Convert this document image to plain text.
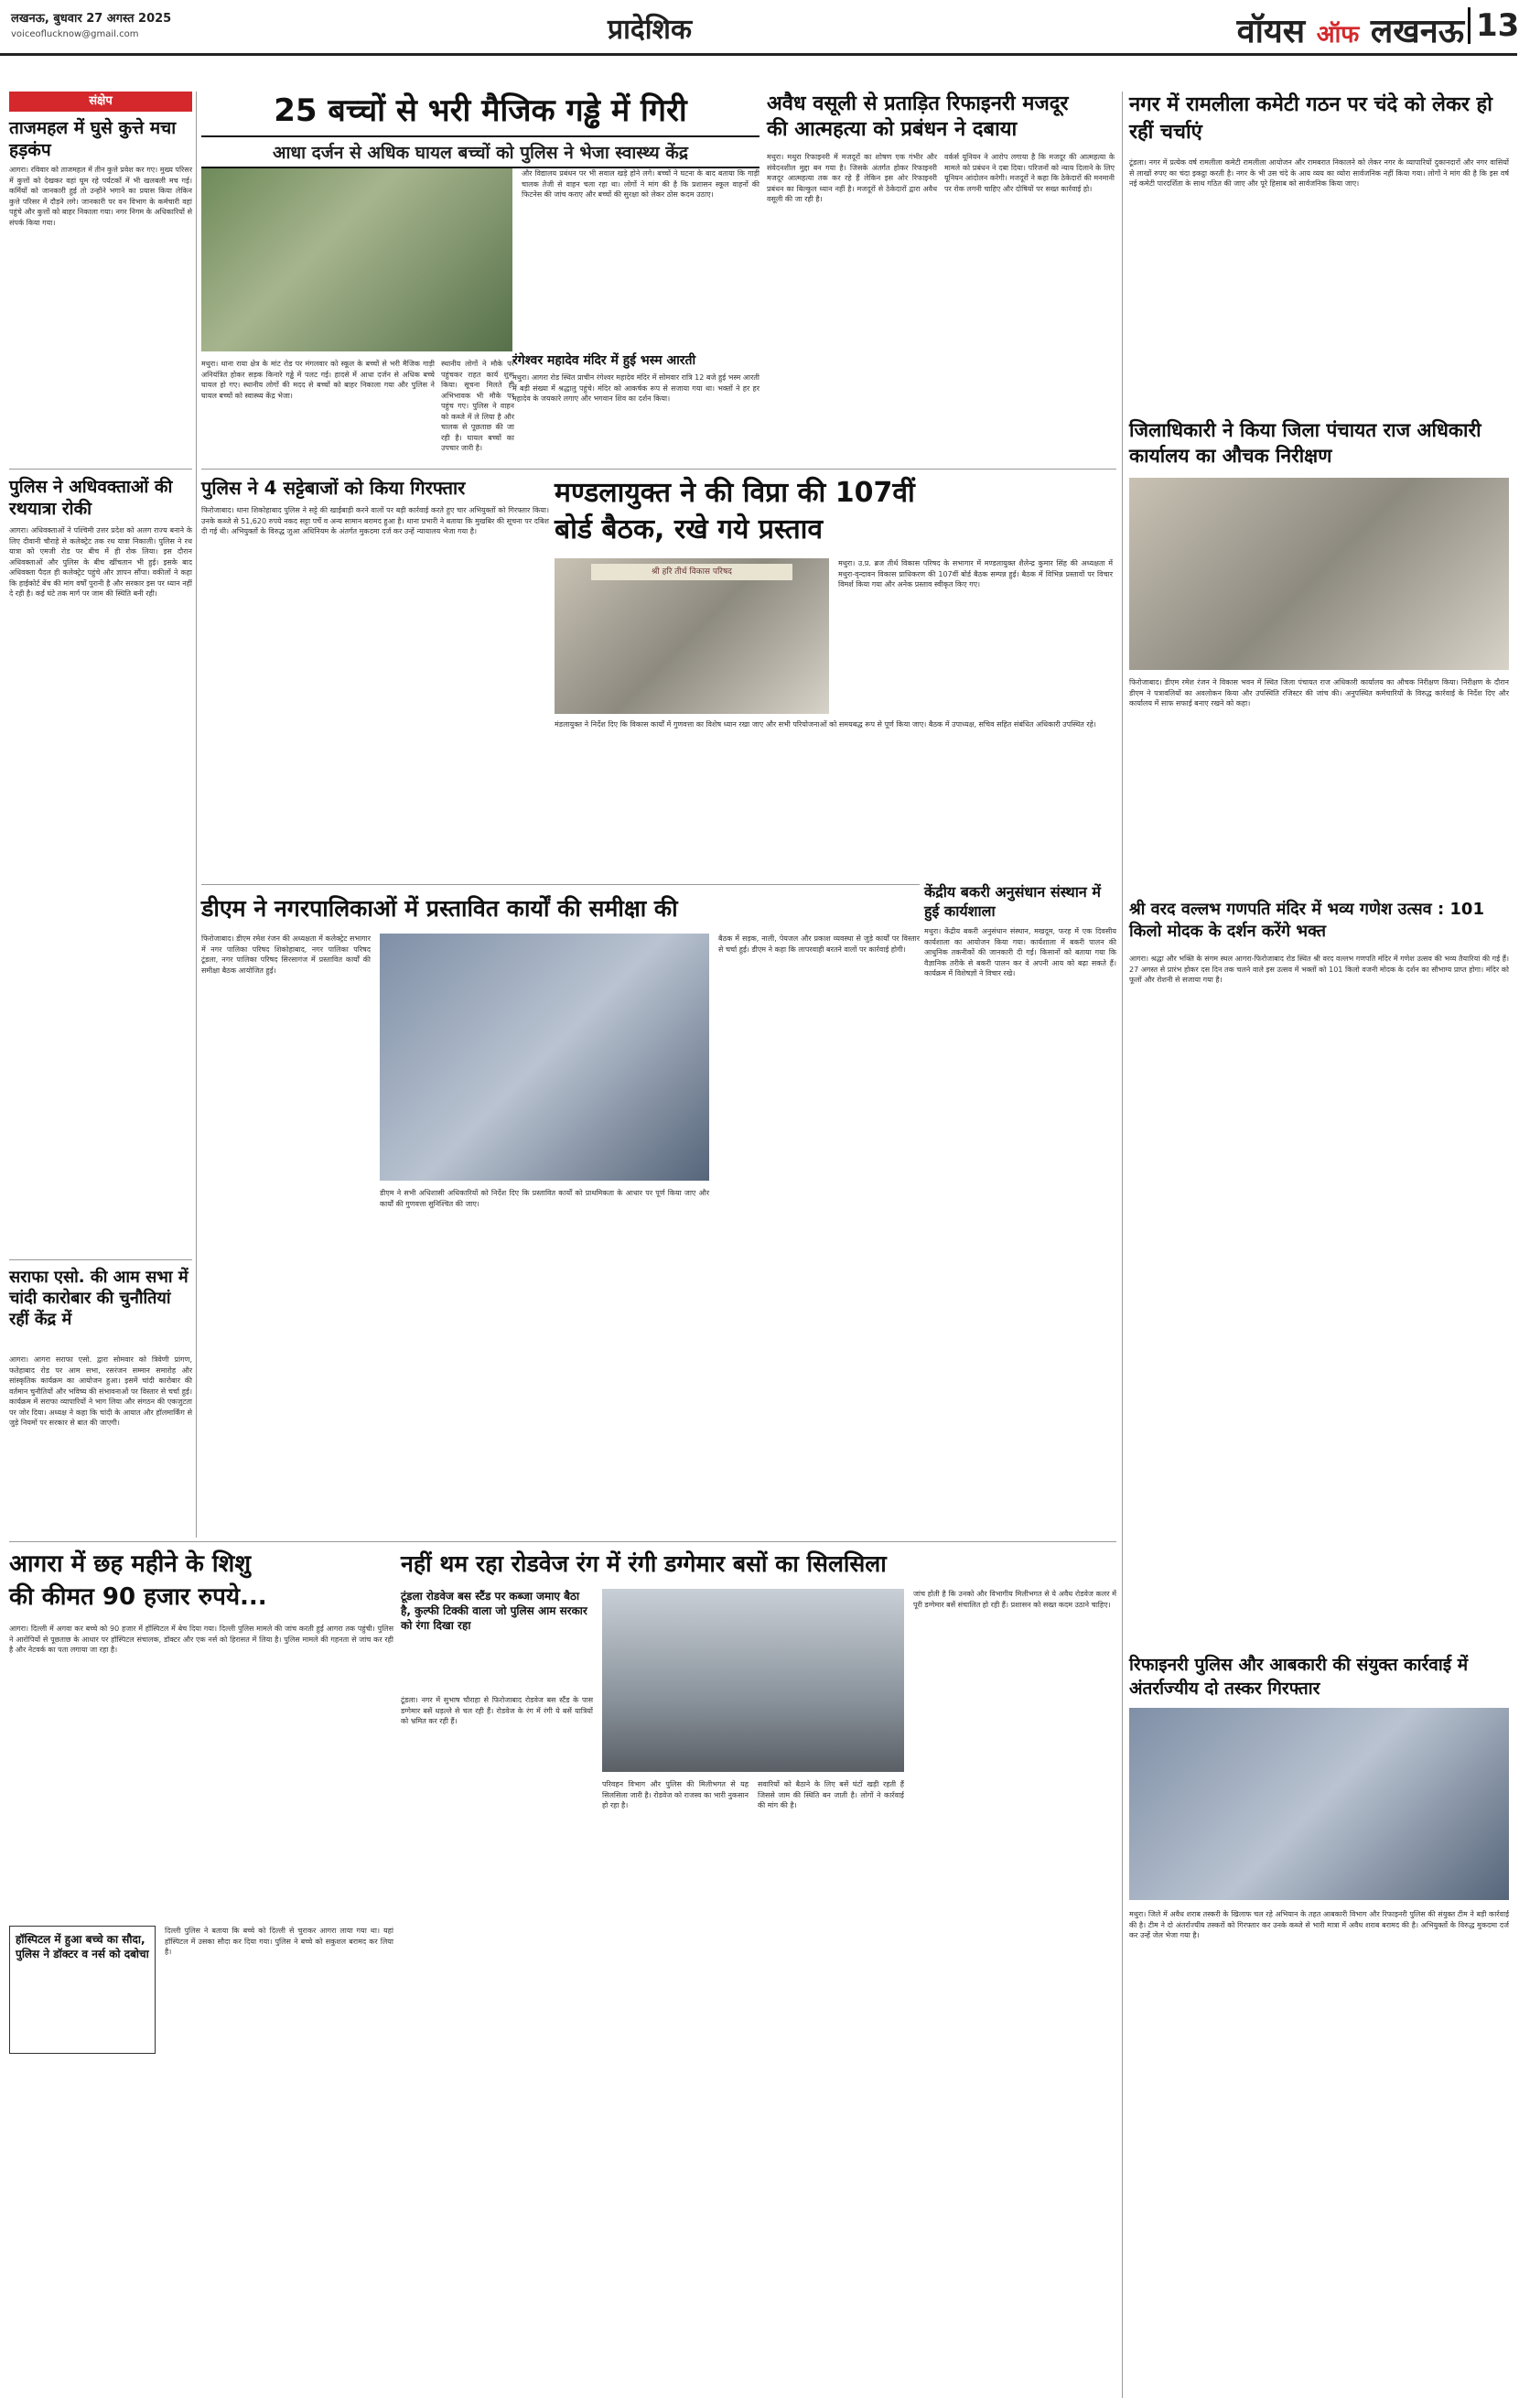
लखनऊ, बुधवार 27 अगस्त 2025
voiceoflucknow@gmail.com	प्रादेशिक	वॉयस ऑफ लखनऊ 13
संक्षेप
ताजमहल में घुसे कुत्ते मचा हड़कंप
आगरा। रविवार को ताजमहल में तीन कुत्ते प्रवेश कर गए। मुख्य परिसर में कुत्तों को देखकर वहां घूम रहे पर्यटकों में भी खलबली मच गई। कर्मियों को जानकारी हुई तो उन्होंने भगाने का प्रयास किया लेकिन कुत्ते परिसर में दौड़ने लगे। जानकारी पर वन विभाग के कर्मचारी वहां पहुंचे और कुत्तों को बाहर निकाला गया। नगर निगम के अधिकारियों से संपर्क किया गया।
पुलिस ने अधिवक्ताओं की रथयात्रा रोकी
आगरा। अधिवक्ताओं ने पश्चिमी उत्तर प्रदेश को अलग राज्य बनाने के लिए दीवानी चौराहे से कलेक्ट्रेट तक रथ यात्रा निकाली। पुलिस ने रथ यात्रा को एमजी रोड पर बीच में ही रोक लिया। इस दौरान अधिवक्ताओं और पुलिस के बीच खींचतान भी हुई। इसके बाद अधिवक्ता पैदल ही कलेक्ट्रेट पहुंचे और ज्ञापन सौंपा। वकीलों ने कहा कि हाईकोर्ट बेंच की मांग वर्षों पुरानी है और सरकार इस पर ध्यान नहीं दे रही है। कई घंटे तक मार्ग पर जाम की स्थिति बनी रही।
सराफा एसो. की आम सभा में चांदी कारोबार की चुनौतियां रहीं केंद्र में
आगरा। आगरा सराफा एसो. द्वारा सोमवार को त्रिवेणी प्रांगण, फतेहाबाद रोड पर आम सभा, रसरंजन सम्मान समारोह और सांस्कृतिक कार्यक्रम का आयोजन हुआ। इसमें चांदी कारोबार की वर्तमान चुनौतियों और भविष्य की संभावनाओं पर विस्तार से चर्चा हुई। कार्यक्रम में सराफा व्यापारियों ने भाग लिया और संगठन की एकजुटता पर जोर दिया। अध्यक्ष ने कहा कि चांदी के आयात और हॉलमार्किंग से जुड़े नियमों पर सरकार से बात की जाएगी।
25 बच्चों से भरी मैजिक गड्ढे में गिरी
आधा दर्जन से अधिक घायल बच्चों को पुलिस ने भेजा स्वास्थ्य केंद्र
और विद्यालय प्रबंधन पर भी सवाल खड़े होने लगे। बच्चों ने घटना के बाद बताया कि गाड़ी चालक तेजी से वाहन चला रहा था। लोगों ने मांग की है कि प्रशासन स्कूल वाहनों की फिटनेस की जांच कराए और बच्चों की सुरक्षा को लेकर ठोस कदम उठाए।
मथुरा। थाना राया क्षेत्र के मांट रोड पर मंगलवार को स्कूल के बच्चों से भरी मैजिक गाड़ी अनियंत्रित होकर सड़क किनारे गड्ढे में पलट गई। हादसे में आधा दर्जन से अधिक बच्चे घायल हो गए। स्थानीय लोगों की मदद से बच्चों को बाहर निकाला गया और पुलिस ने घायल बच्चों को स्वास्थ्य केंद्र भेजा।
स्थानीय लोगों ने मौके पर पहुंचकर राहत कार्य शुरू किया। सूचना मिलते ही अभिभावक भी मौके पर पहुंच गए। पुलिस ने वाहन को कब्जे में ले लिया है और चालक से पूछताछ की जा रही है। घायल बच्चों का उपचार जारी है।
रंगेश्वर महादेव मंदिर में हुई भस्म आरती
मथुरा। आगरा रोड स्थित प्राचीन रंगेश्वर महादेव मंदिर में सोमवार रात्रि 12 बजे हुई भस्म आरती में बड़ी संख्या में श्रद्धालु पहुंचे। मंदिर को आकर्षक रूप से सजाया गया था। भक्तों ने हर हर महादेव के जयकारे लगाए और भगवान शिव का दर्शन किया।
अवैध वसूली से प्रताड़ित रिफाइनरी मजदूर
की आत्महत्या को प्रबंधन ने दबाया
मथुरा। मथुरा रिफाइनरी में मजदूरों का शोषण एक गंभीर और संवेदनशील मुद्दा बन गया है। जिसके अंतर्गत होकर रिफाइनरी मजदूर आत्महत्या तक कर रहे हैं लेकिन इस ओर रिफाइनरी प्रबंधन का बिल्कुल ध्यान नहीं है। मजदूरों से ठेकेदारों द्वारा अवैध वसूली की जा रही है।
वर्कर्स यूनियन ने आरोप लगाया है कि मजदूर की आत्महत्या के मामले को प्रबंधन ने दबा दिया। परिजनों को न्याय दिलाने के लिए यूनियन आंदोलन करेगी। मजदूरों ने कहा कि ठेकेदारों की मनमानी पर रोक लगनी चाहिए और दोषियों पर सख्त कार्रवाई हो।
नगर में रामलीला कमेटी गठन पर चंदे को लेकर हो रहीं चर्चाएं
टूंडला। नगर में प्रत्येक वर्ष रामलीला कमेटी रामलीला आयोजन और रामबरात निकालने को लेकर नगर के व्यापारियों दुकानदारों और नगर वासियों से लाखों रुपए का चंदा इकट्ठा करती है। नगर के भी उस चंदे के आय व्यय का व्योरा सार्वजनिक नहीं किया गया। लोगों ने मांग की है कि इस वर्ष नई कमेटी पारदर्शिता के साथ गठित की जाए और पूरे हिसाब को सार्वजनिक किया जाए।
जिलाधिकारी ने किया जिला पंचायत राज अधिकारी कार्यालय का औचक निरीक्षण
फिरोजाबाद। डीएम रमेश रंजन ने विकास भवन में स्थित जिला पंचायत राज अधिकारी कार्यालय का औचक निरीक्षण किया। निरीक्षण के दौरान डीएम ने पत्रावलियों का अवलोकन किया और उपस्थिति रजिस्टर की जांच की। अनुपस्थित कर्मचारियों के विरुद्ध कार्रवाई के निर्देश दिए और कार्यालय में साफ सफाई बनाए रखने को कहा।
श्री वरद वल्लभ गणपति मंदिर में भव्य गणेश उत्सव : 101 किलो मोदक के दर्शन करेंगे भक्त
आगरा। श्रद्धा और भक्ति के संगम स्थल आगरा-फिरोजाबाद रोड स्थित श्री वरद वल्लभ गणपति मंदिर में गणेश उत्सव की भव्य तैयारियां की गई हैं। 27 अगस्त से प्रारंभ होकर दस दिन तक चलने वाले इस उत्सव में भक्तों को 101 किलो वजनी मोदक के दर्शन का सौभाग्य प्राप्त होगा। मंदिर को फूलों और रोशनी से सजाया गया है।
रिफाइनरी पुलिस और आबकारी की संयुक्त कार्रवाई में अंतर्राज्यीय दो तस्कर गिरफ्तार
मथुरा। जिले में अवैध शराब तस्करी के खिलाफ चल रहे अभियान के तहत आबकारी विभाग और रिफाइनरी पुलिस की संयुक्त टीम ने बड़ी कार्रवाई की है। टीम ने दो अंतर्राज्यीय तस्करों को गिरफ्तार कर उनके कब्जे से भारी मात्रा में अवैध शराब बरामद की है। अभियुक्तों के विरुद्ध मुकदमा दर्ज कर उन्हें जेल भेजा गया है।
पुलिस ने 4 सट्टेबाजों को किया गिरफ्तार
फिरोजाबाद। थाना शिकोहाबाद पुलिस ने सट्टे की खाईबाड़ी करने वालों पर बड़ी कार्रवाई करते हुए चार अभियुक्तों को गिरफ्तार किया। उनके कब्जे से 51,620 रुपये नकद सट्टा पर्चे व अन्य सामान बरामद हुआ है। थाना प्रभारी ने बताया कि मुखबिर की सूचना पर दबिश दी गई थी। अभियुक्तों के विरुद्ध जुआ अधिनियम के अंतर्गत मुकदमा दर्ज कर उन्हें न्यायालय भेजा गया है।
मण्डलायुक्त ने की विप्रा की 107वीं
बोर्ड बैठक, रखे गये प्रस्ताव
श्री हरि तीर्थ विकास परिषद
मथुरा। उ.प्र. ब्रज तीर्थ विकास परिषद के सभागार में मण्डलायुक्त शैलेन्द्र कुमार सिंह की अध्यक्षता में मथुरा-वृन्दावन विकास प्राधिकरण की 107वीं बोर्ड बैठक सम्पन्न हुई। बैठक में विभिन्न प्रस्तावों पर विचार विमर्श किया गया और अनेक प्रस्ताव स्वीकृत किए गए।
मंडलायुक्त ने निर्देश दिए कि विकास कार्यों में गुणवत्ता का विशेष ध्यान रखा जाए और सभी परियोजनाओं को समयबद्ध रूप से पूर्ण किया जाए। बैठक में उपाध्यक्ष, सचिव सहित संबंधित अधिकारी उपस्थित रहे।
केंद्रीय बकरी अनुसंधान संस्थान में हुई कार्यशाला
मथुरा। केंद्रीय बकरी अनुसंधान संस्थान, मखदूम, फरह में एक दिवसीय कार्यशाला का आयोजन किया गया। कार्यशाला में बकरी पालन की आधुनिक तकनीकों की जानकारी दी गई। किसानों को बताया गया कि वैज्ञानिक तरीके से बकरी पालन कर वे अपनी आय को बढ़ा सकते हैं। कार्यक्रम में विशेषज्ञों ने विचार रखे।
डीएम ने नगरपालिकाओं में प्रस्तावित कार्यों की समीक्षा की
फिरोजाबाद। डीएम रमेश रंजन की अध्यक्षता में कलेक्ट्रेट सभागार में नगर पालिका परिषद शिकोहाबाद, नगर पालिका परिषद टूंडला, नगर पालिका परिषद सिरसागंज में प्रस्तावित कार्यों की समीक्षा बैठक आयोजित हुई।
डीएम ने सभी अधिशासी अधिकारियों को निर्देश दिए कि प्रस्तावित कार्यों को प्राथमिकता के आधार पर पूर्ण किया जाए और कार्यों की गुणवत्ता सुनिश्चित की जाए।
बैठक में सड़क, नाली, पेयजल और प्रकाश व्यवस्था से जुड़े कार्यों पर विस्तार से चर्चा हुई। डीएम ने कहा कि लापरवाही बरतने वालों पर कार्रवाई होगी।
आगरा में छह महीने के शिशु
की कीमत 90 हजार रुपये...
आगरा। दिल्ली में अगवा कर बच्चे को 90 हजार में हॉस्पिटल में बेच दिया गया। दिल्ली पुलिस मामले की जांच करती हुई आगरा तक पहुंची। पुलिस ने आरोपियों से पूछताछ के आधार पर हॉस्पिटल संचालक, डॉक्टर और एक नर्स को हिरासत में लिया है। पुलिस मामले की गहनता से जांच कर रही है और नेटवर्क का पता लगाया जा रहा है।
हॉस्पिटल में हुआ बच्चे का सौदा, पुलिस ने डॉक्टर व नर्स को दबोचा
दिल्ली पुलिस ने बताया कि बच्चे को दिल्ली से चुराकर आगरा लाया गया था। यहां हॉस्पिटल में उसका सौदा कर दिया गया। पुलिस ने बच्चे को सकुशल बरामद कर लिया है।
नहीं थम रहा रोडवेज रंग में रंगी डग्गेमार बसों का सिलसिला
टूंडला रोडवेज बस स्टैंड पर कब्जा जमाए बैठा है, कुल्फी टिक्की वाला जो पुलिस आम सरकार को रंगा दिखा रहा
टूंडला। नगर में सुभाष चौराहा से फिरोजाबाद रोडवेज बस स्टैंड के पास डग्गेमार बसें धड़ल्ले से चल रही हैं। रोडवेज के रंग में रंगी ये बसें यात्रियों को भ्रमित कर रही हैं।
परिवहन विभाग और पुलिस की मिलीभगत से यह सिलसिला जारी है। रोडवेज को राजस्व का भारी नुकसान हो रहा है।
सवारियों को बैठाने के लिए बसें घंटों खड़ी रहती हैं जिससे जाम की स्थिति बन जाती है। लोगों ने कार्रवाई की मांग की है।
जांच होती है कि उनको और विभागीय मिलीभगत से ये अवैध रोडवेज कलर में पूरी डग्गेमार बसें संचालित हो रही हैं। प्रशासन को सख्त कदम उठाने चाहिए।
